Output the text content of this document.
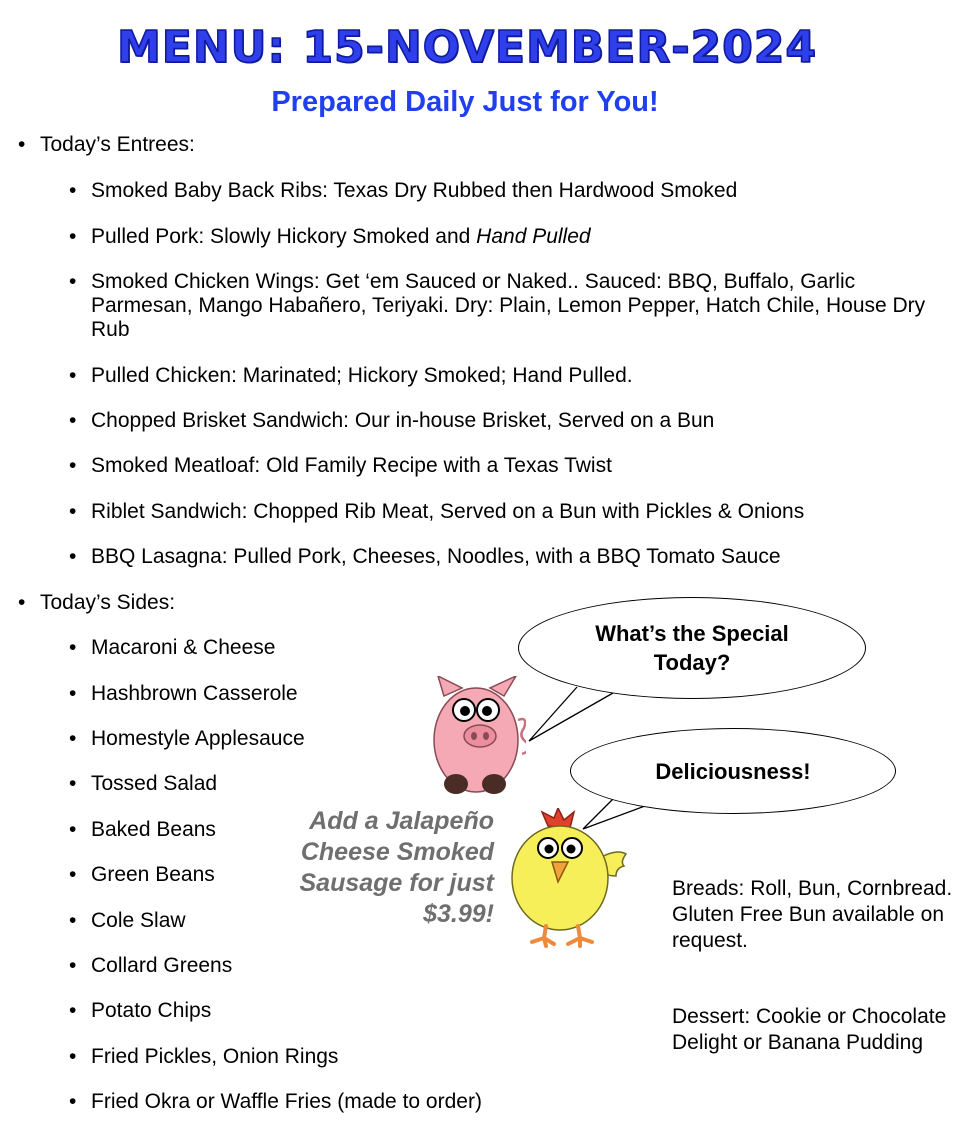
MENU: 15-NOVEMBER-2024
Prepared Daily Just for You!
• Today’s Entrees:
• Smoked Baby Back Ribs: Texas Dry Rubbed then Hardwood Smoked
• Pulled Pork: Slowly Hickory Smoked and Hand Pulled
• Smoked Chicken Wings: Get ‘em Sauced or Naked.. Sauced: BBQ, Buffalo, Garlic Parmesan, Mango Habañero, Teriyaki. Dry: Plain, Lemon Pepper, Hatch Chile, House Dry Rub
• Pulled Chicken: Marinated; Hickory Smoked; Hand Pulled.
• Chopped Brisket Sandwich: Our in-house Brisket, Served on a Bun
• Smoked Meatloaf: Old Family Recipe with a Texas Twist
• Riblet Sandwich: Chopped Rib Meat, Served on a Bun with Pickles & Onions
• BBQ Lasagna: Pulled Pork, Cheeses, Noodles, with a BBQ Tomato Sauce
• Today’s Sides:
• Macaroni & Cheese
• Hashbrown Casserole
• Homestyle Applesauce
• Tossed Salad
• Baked Beans
• Green Beans
• Cole Slaw
• Collard Greens
• Potato Chips
• Fried Pickles, Onion Rings
• Fried Okra or Waffle Fries (made to order)
What’s the Special Today?
Deliciousness!
Add a Jalapeño Cheese Smoked Sausage for just $3.99!
Breads: Roll, Bun, Cornbread. Gluten Free Bun available on request.
Dessert: Cookie or Chocolate Delight or Banana Pudding
